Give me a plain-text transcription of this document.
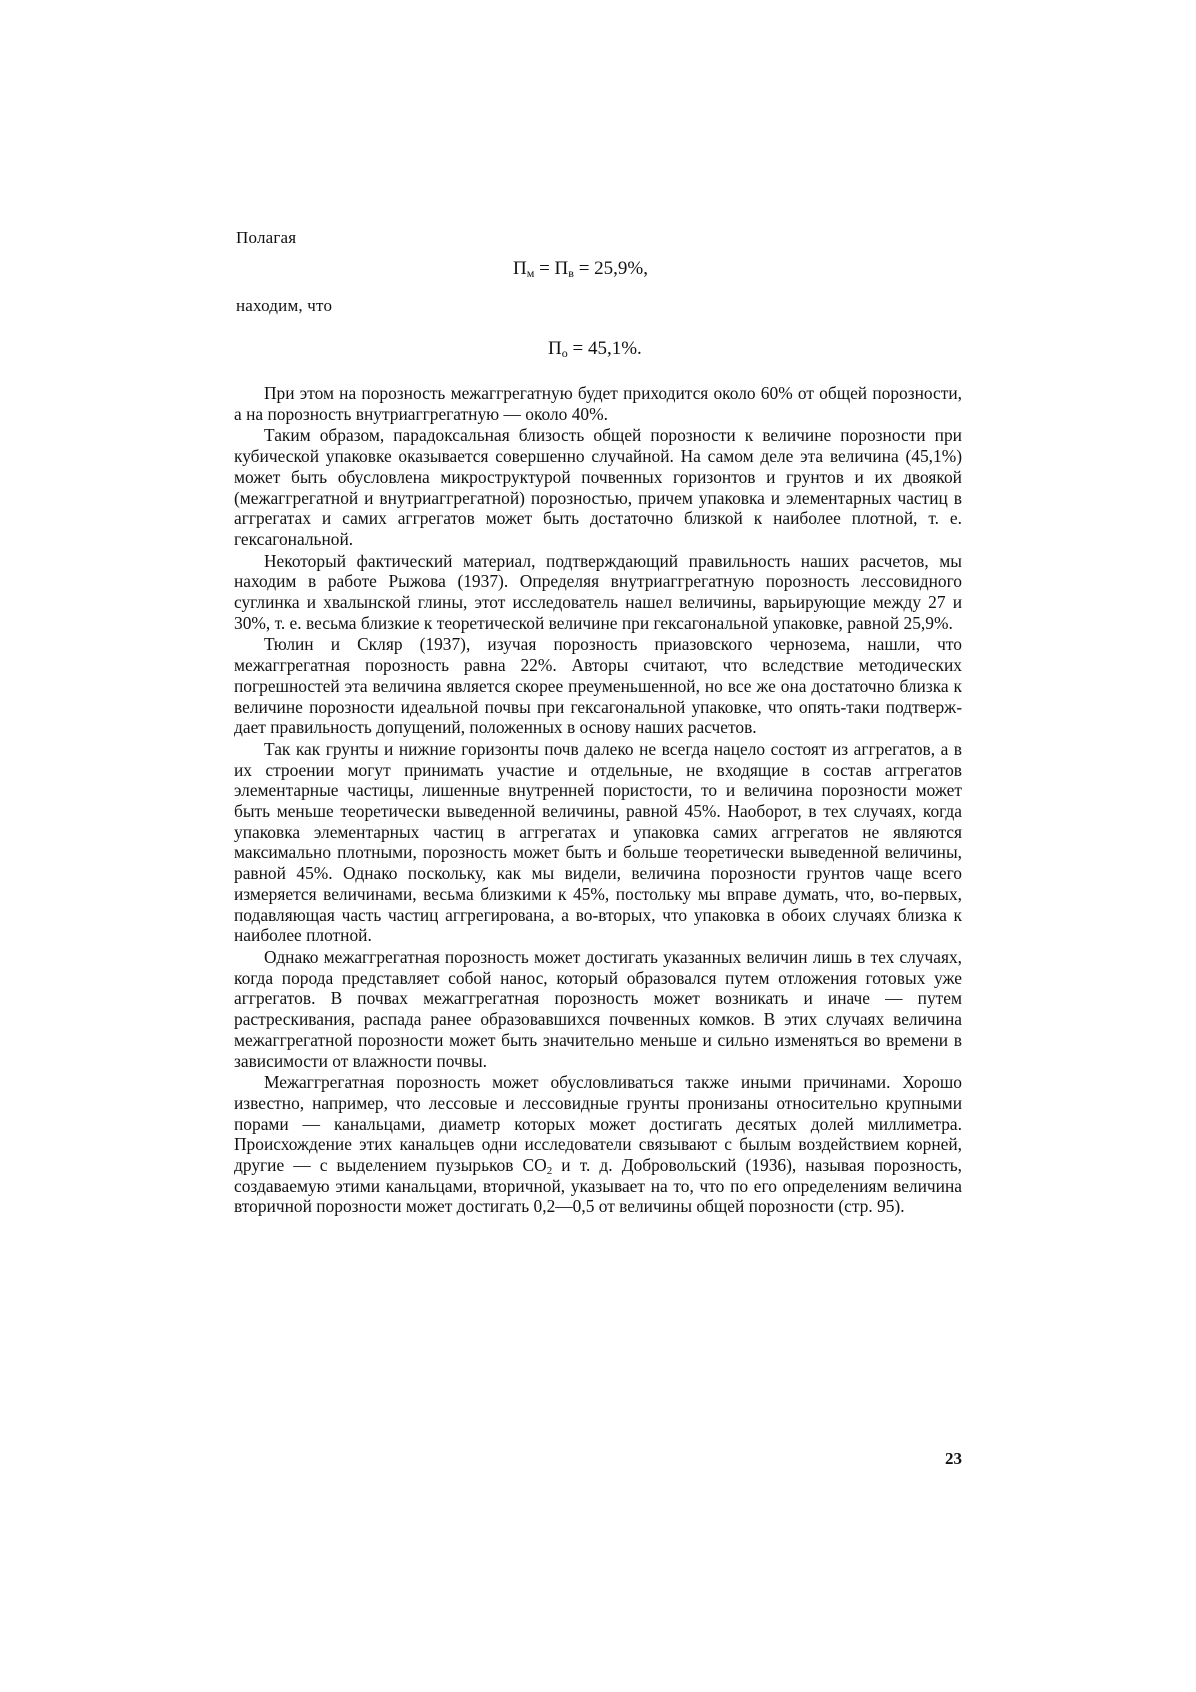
Полагая
$П_м = П_в = 25,9\%$,
находим, что
$П_о = 45,1\%$.

При этом на порозность межаггрегатную будет приходится около 60% от общей порозности, а на порозность внутриаггрегатную — около 40%.

Таким образом, парадоксальная близость общей порозности к величине порозности при кубической упаковке оказывается совершенно случайной. На самом деле эта величина (45,1%) может быть обусловлена микроструктурой почвенных горизонтов и грунтов и их двоякой (межаггрегатной и внутриаггрегатной) порозностью, причем упаковка и элементарных частиц в аггрегатах и самих аггрегатов может быть достаточно близкой к наиболее плотной, т. е. гексагональной.

Некоторый фактический материал, подтверждающий правильность наших расчетов, мы находим в работе Рыжова (1937). Определяя внутриаггрегатную порозность лессовидного суглинка и хвалынской глины, этот исследователь нашел величины, варьирующие между 27 и 30%, т. е. весьма близкие к теоретической величине при гексагональной упаковке, равной 25,9%.

Тюлин и Скляр (1937), изучая порозность приазовского чернозема, нашли, что межаггрегатная порозность равна 22%. Авторы считают, что вследствие методических погрешностей эта величина является скорее преуменьшенной, но все же она достаточно близка к величине порозности идеальной почвы при гексагональной упаковке, что опять-таки подтверждает правильность допущений, положенных в основу наших расчетов.

Так как грунты и нижние горизонты почв далеко не всегда нацело состоят из аггрегатов, а в их строении могут принимать участие и отдельные, не входящие в состав аггрегатов элементарные частицы, лишенные внутренней пористости, то и величина порозности может быть меньше теоретически выведенной величины, равной 45%. Наоборот, в тех случаях, когда упаковка элементарных частиц в аггрегатах и упаковка самих аггрегатов не являются максимально плотными, порозность может быть и больше теоретически выведенной величины, равной 45%. Однако поскольку, как мы видели, величина порозности грунтов чаще всего измеряется величинами, весьма близкими к 45%, постольку мы вправе думать, что, во-первых, подавляющая часть частиц аггрегирована, а во-вторых, что упаковка в обоих случаях близка к наиболее плотной.

Однако межаггрегатная порозность может достигать указанных величин лишь в тех случаях, когда порода представляет собой нанос, который образовался путем отложения готовых уже аггрегатов. В почвах межаггрегатная порозность может возникать и иначе — путем растрескивания, распада ранее образовавшихся почвенных комков. В этих случаях величина межаггрегатной порозности может быть значительно меньше и сильно изменяться во времени в зависимости от влажности почвы.

Межаггрегатная порозность может обусловливаться также иными причинами. Хорошо известно, например, что лессовые и лессовидные грунты пронизаны относительно крупными порами — канальцами, диаметр которых может достигать десятых долей миллиметра. Происхождение этих канальцев одни исследователи связывают с былым воздействием корней, другие — с выделением пузырьков $CO_2$ и т. д. Добровольский (1936), называя порозность, создаваемую этими канальцами, вторичной, указывает на то, что по его определениям величина вторичной порозности может достигать 0,2—0,5 от величины общей порозности (стр. 95).

23
